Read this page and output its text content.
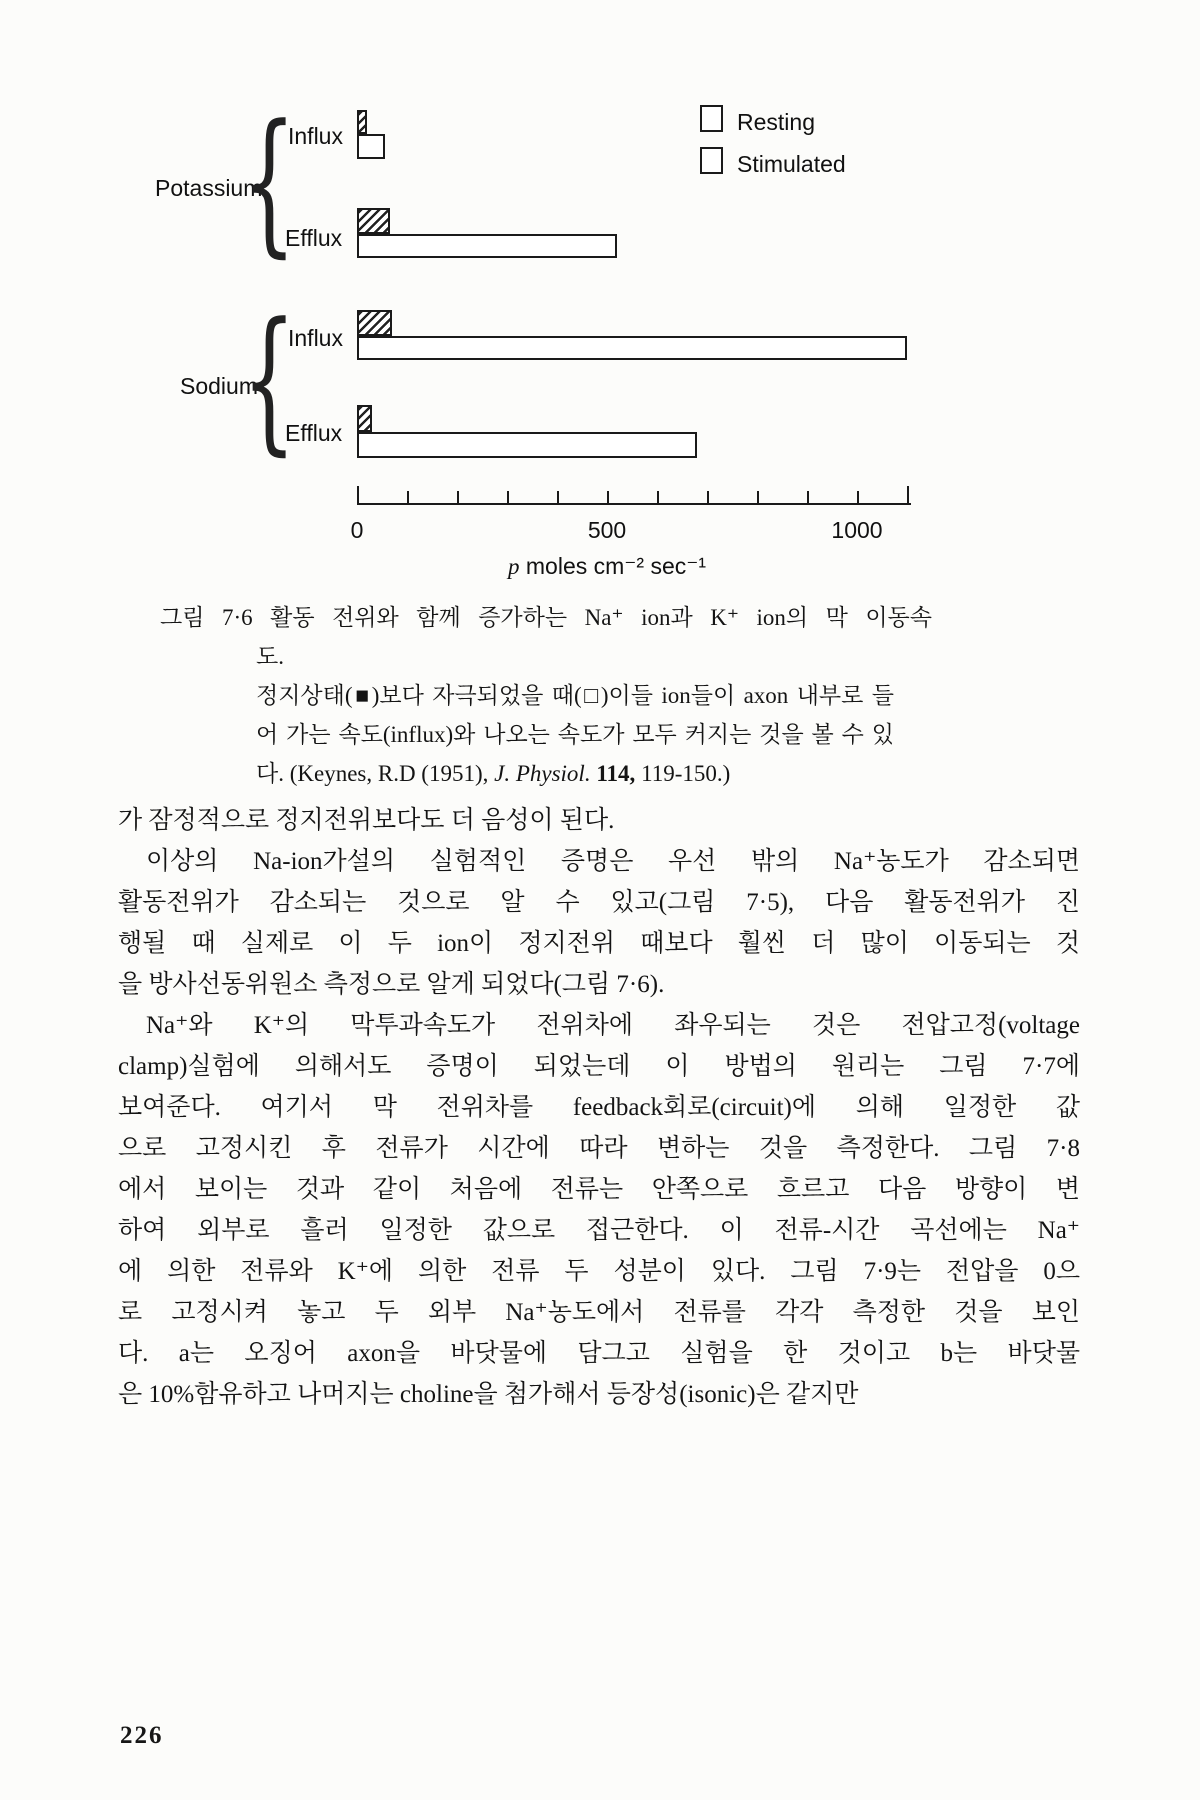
Resting
Stimulated
Potassium
{
Influx
Efflux
Sodium
{
Influx
Efflux
0	500	1000
p moles cm⁻² sec⁻¹
그림 7·6 활동 전위와 함께 증가하는 Na⁺ ion과 K⁺ ion의 막 이동속
도.
정지상태(■)보다 자극되었을 때(□)이들 ion들이 axon 내부로 들
어 가는 속도(influx)와 나오는 속도가 모두 커지는 것을 볼 수 있
다. (Keynes, R.D (1951), J. Physiol. 114, 119-150.)
가 잠정적으로 정지전위보다도 더 음성이 된다.
이상의 Na-ion가설의 실험적인 증명은 우선 밖의 Na⁺농도가 감소되면
활동전위가 감소되는 것으로 알 수 있고(그림 7·5), 다음 활동전위가 진
행될 때 실제로 이 두 ion이 정지전위 때보다 훨씬 더 많이 이동되는 것
을 방사선동위원소 측정으로 알게 되었다(그림 7·6).
Na⁺와 K⁺의 막투과속도가 전위차에 좌우되는 것은 전압고정(voltage
clamp)실험에 의해서도 증명이 되었는데 이 방법의 원리는 그림 7·7에
보여준다. 여기서 막 전위차를 feedback회로(circuit)에 의해 일정한 값
으로 고정시킨 후 전류가 시간에 따라 변하는 것을 측정한다. 그림 7·8
에서 보이는 것과 같이 처음에 전류는 안쪽으로 흐르고 다음 방향이 변
하여 외부로 흘러 일정한 값으로 접근한다. 이 전류-시간 곡선에는 Na⁺
에 의한 전류와 K⁺에 의한 전류 두 성분이 있다. 그림 7·9는 전압을 0으
로 고정시켜 놓고 두 외부 Na⁺농도에서 전류를 각각 측정한 것을 보인
다. a는 오징어 axon을 바닷물에 담그고 실험을 한 것이고 b는 바닷물
은 10%함유하고 나머지는 choline을 첨가해서 등장성(isonic)은 같지만
226
